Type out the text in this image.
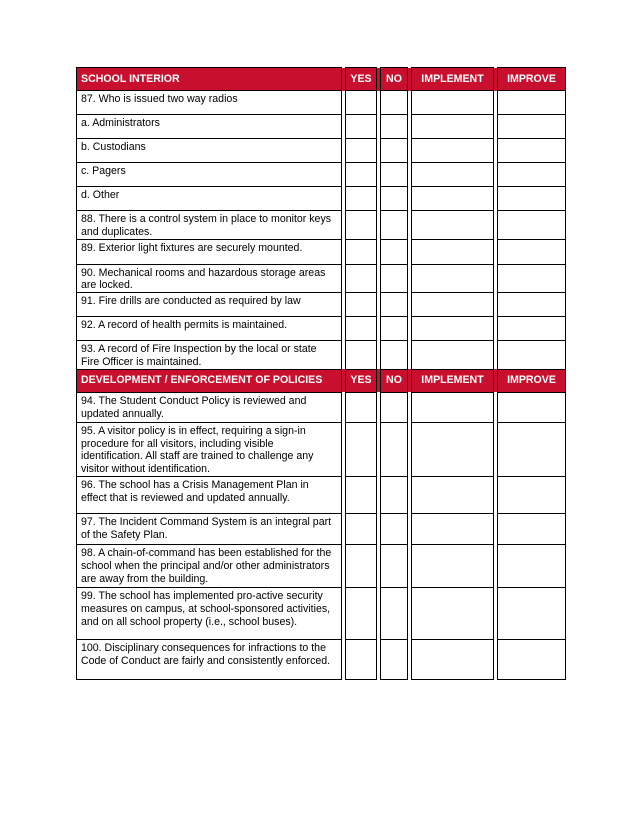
SCHOOL INTERIOR		YES		NO		IMPLEMENT		IMPROVE
87. Who is issued two way radios								
a. Administrators								
b. Custodians								
c. Pagers								
d. Other								
88. There is a control system in place to monitor keys and duplicates.								
89. Exterior light fixtures are securely mounted.								
90. Mechanical rooms and hazardous storage areas are locked.								
91. Fire drills are conducted as required by law								
92. A record of health permits is maintained.								
93. A record of Fire Inspection by the local or state Fire Officer is maintained.								
DEVELOPMENT / ENFORCEMENT OF POLICIES		YES		NO		IMPLEMENT		IMPROVE
94. The Student Conduct Policy is reviewed and updated annually.								
95. A visitor policy is in effect, requiring a sign-in procedure for all visitors, including visible identification. All staff are trained to challenge any visitor without identification.								
96. The school has a Crisis Management Plan in effect that is reviewed and updated annually.								
97. The Incident Command System is an integral part of the Safety Plan.								
98. A chain-of-command has been established for the school when the principal and/or other administrators are away from the building.								
99. The school has implemented pro-active security measures on campus, at school-sponsored activities, and on all school property (i.e., school buses).								
100. Disciplinary consequences for infractions to the Code of Conduct are fairly and consistently enforced.								
